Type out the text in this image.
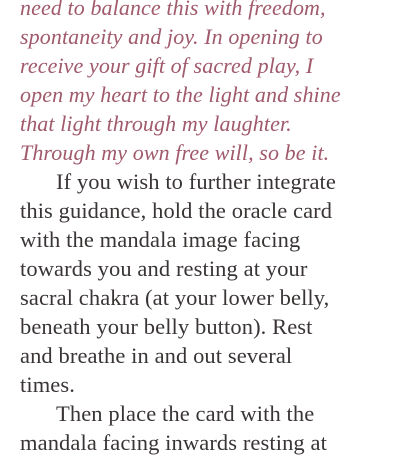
need to balance this with freedom,
spontaneity and joy. In opening to
receive your gift of sacred play, I
open my heart to the light and shine
that light through my laughter.
Through my own free will, so be it.
If you wish to further integrate
this guidance, hold the oracle card
with the mandala image facing
towards you and resting at your
sacral chakra (at your lower belly,
beneath your belly button). Rest
and breathe in and out several
times.
Then place the card with the
mandala facing inwards resting at
